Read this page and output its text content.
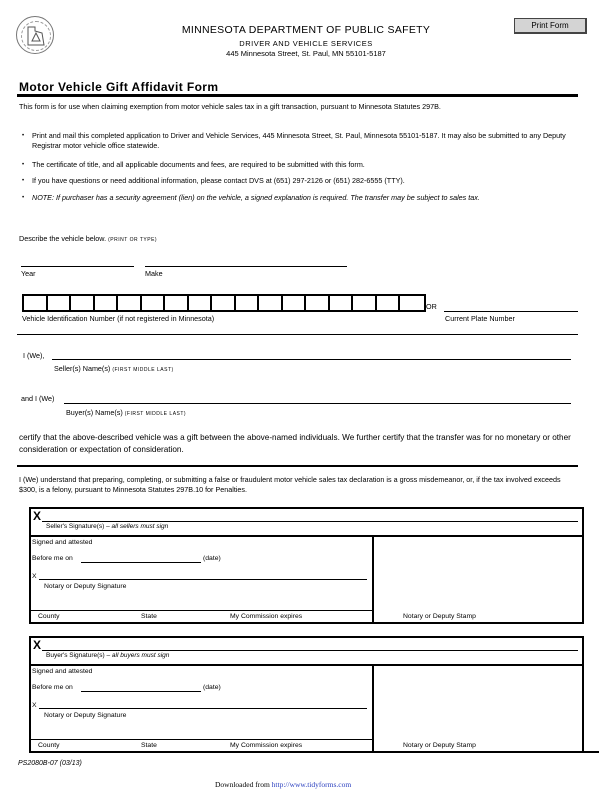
MINNESOTA DEPARTMENT OF PUBLIC SAFETY
DRIVER AND VEHICLE SERVICES
445 Minnesota Street, St. Paul, MN 55101-5187
Print Form
Motor Vehicle Gift Affidavit Form
This form is for use when claiming exemption from motor vehicle sales tax in a gift transaction, pursuant to Minnesota Statutes 297B.
• Print and mail this completed application to Driver and Vehicle Services, 445 Minnesota Street, St. Paul, Minnesota 55101-5187. It may also be submitted to any Deputy Registrar motor vehicle office statewide.
• The certificate of title, and all applicable documents and fees, are required to be submitted with this form.
• If you have questions or need additional information, please contact DVS at (651) 297-2126 or (651) 282-6555 (TTY).
• NOTE: If purchaser has a security agreement (lien) on the vehicle, a signed explanation is required. The transfer may be subject to sales tax.
Describe the vehicle below. (PRINT OR TYPE)
Year	Make
Vehicle Identification Number (if not registered in Minnesota)
OR
Current Plate Number
I (We),
Seller(s) Name(s) (FIRST MIDDLE LAST)
and I (We)
Buyer(s) Name(s) (FIRST MIDDLE LAST)
certify that the above-described vehicle was a gift between the above-named individuals. We further certify that the transfer was for no monetary or other consideration or expectation of consideration.
I (We) understand that preparing, completing, or submitting a false or fraudulent motor vehicle sales tax declaration is a gross misdemeanor, or, if the tax involved exceeds $300, is a felony, pursuant to Minnesota Statutes 297B.10 for Penalties.
X
Seller's Signature(s) – all sellers must sign
Signed and attested
Before me on	(date)
X
Notary or Deputy Signature
County	State	My Commission expires	Notary or Deputy Stamp
X
Buyer's Signature(s) – all buyers must sign
Signed and attested
Before me on	(date)
X
Notary or Deputy Signature
County	State	My Commission expires	Notary or Deputy Stamp
PS2080B-07 (03/13)
Downloaded from http://www.tidyforms.com
